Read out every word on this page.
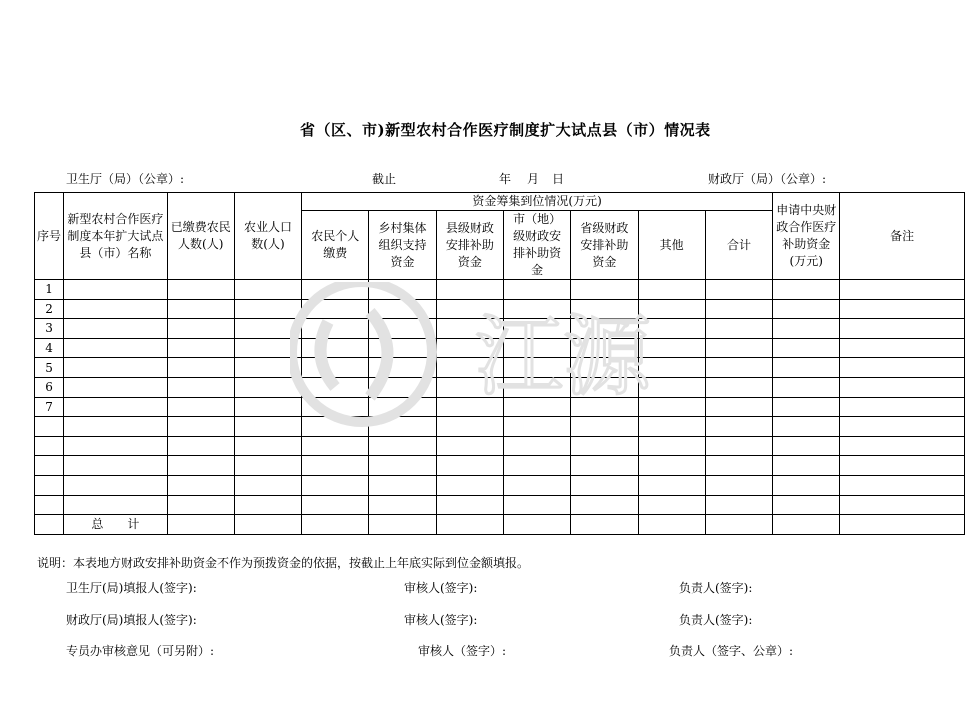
省（区、市)新型农村合作医疗制度扩大试点县（市）情况表
卫生厅（局）（公章）:	截止	年 月 日	财政厅（局）（公章）:
序号	新型农村合作医疗制度本年扩大试点县（市）名称	已缴费农民人数(人)	农业人口数(人)	资金筹集到位情况(万元)							申请中央财政合作医疗补助资金(万元)	备注
				农民个人缴费	乡村集体组织支持资金	县级财政安排补助资金	市（地）级财政安排补助资金	省级财政安排补助资金	其他	合计		
1												
2												
3												
4												
5												
6												
7												

	总　　计											
江源
说明：本表地方财政安排补助资金不作为预拨资金的依据，按截止上年底实际到位金额填报。
卫生厅(局)填报人(签字):	审核人(签字):	负责人(签字):
财政厅(局)填报人(签字):	审核人(签字):	负责人(签字):
专员办审核意见（可另附）:	审核人（签字）:	负责人（签字、公章）:
